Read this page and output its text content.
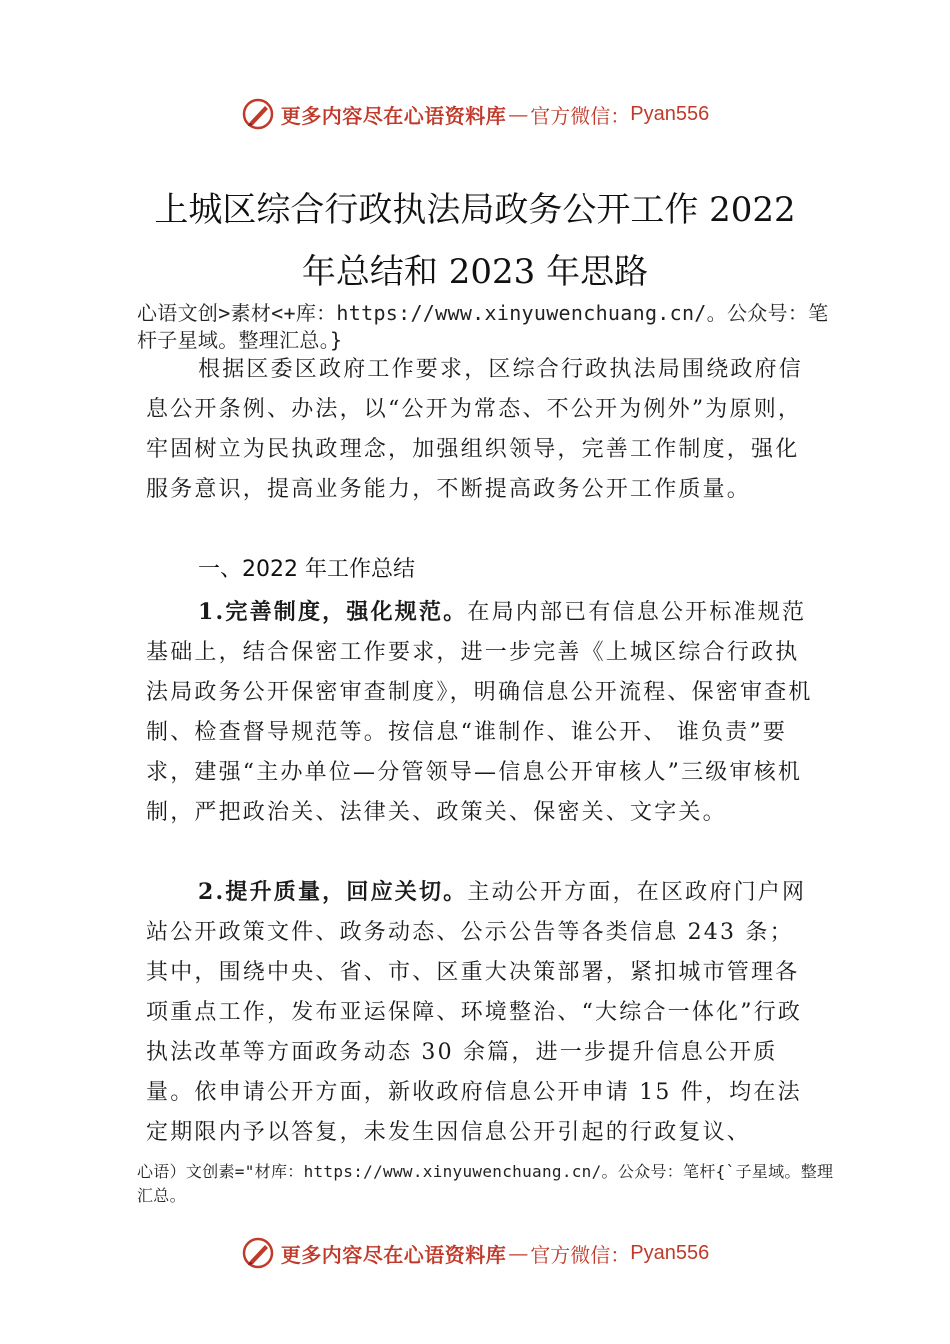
更多内容尽在心语资料库 — 官方微信： Pyan556
上城区综合行政执法局政务公开工作 2022
年总结和 2023 年思路
心语文创>素材<+库：https://www.xinyuwenchuang.cn/。公众号：笔杆子星域。整理汇总。}
根据区委区政府工作要求，区综合行政执法局围绕政府信息公开条例、办法，以“公开为常态、不公开为例外”为原则，牢固树立为民执政理念，加强组织领导，完善工作制度，强化服务意识，提高业务能力，不断提高政务公开工作质量。
一、2022 年工作总结
1.完善制度，强化规范。在局内部已有信息公开标准规范基础上，结合保密工作要求，进一步完善《上城区综合行政执法局政务公开保密审查制度》，明确信息公开流程、保密审查机制、检查督导规范等。按信息“谁制作、谁公开、 谁负责”要求，建强“主办单位—分管领导—信息公开审核人”三级审核机制，严把政治关、法律关、政策关、保密关、文字关。
2.提升质量，回应关切。主动公开方面，在区政府门户网站公开政策文件、政务动态、公示公告等各类信息 243 条；其中，围绕中央、省、市、区重大决策部署，紧扣城市管理各项重点工作，发布亚运保障、环境整治、“大综合一体化”行政执法改革等方面政务动态 30 余篇，进一步提升信息公开质量。依申请公开方面，新收政府信息公开申请 15 件，均在法定期限内予以答复，未发生因信息公开引起的行政复议、
心语）文创素="材库：https://www.xinyuwenchuang.cn/。公众号：笔杆{`子星域。整理汇总。
更多内容尽在心语资料库 — 官方微信： Pyan556
